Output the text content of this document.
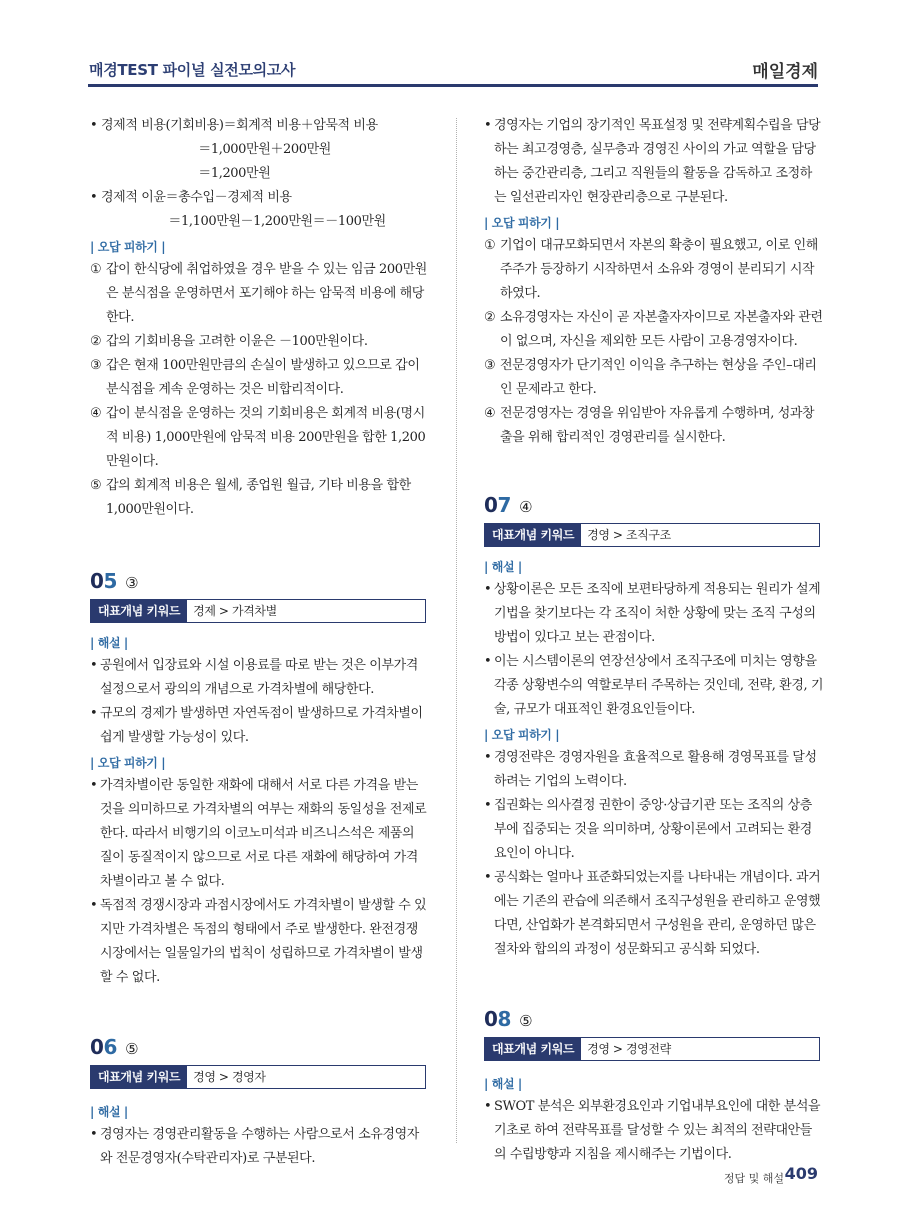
매경TEST 파이널 실전모의고사	매일경제

• 경제적 비용(기회비용)＝회계적 비용＋암묵적 비용

＝1,000만원＋200만원

＝1,200만원

• 경제적 이윤＝총수입－경제적 비용

＝1,100만원－1,200만원＝－100만원

| 오답 피하기 |

① 갑이 한식당에 취업하였을 경우 받을 수 있는 임금 200만원은 분식점을 운영하면서 포기해야 하는 암묵적 비용에 해당한다.

② 갑의 기회비용을 고려한 이윤은 －100만원이다.

③ 갑은 현재 100만원만큼의 손실이 발생하고 있으므로 갑이 분식점을 계속 운영하는 것은 비합리적이다.

④ 갑이 분식점을 운영하는 것의 기회비용은 회계적 비용(명시적 비용) 1,000만원에 암묵적 비용 200만원을 합한 1,200만원이다.

⑤ 갑의 회계적 비용은 월세, 종업원 월급, 기타 비용을 합한 1,000만원이다.

05 ③
대표개념 키워드	경제 > 가격차별
| 해설 |

• 공원에서 입장료와 시설 이용료를 따로 받는 것은 이부가격 설정으로서 광의의 개념으로 가격차별에 해당한다.

• 규모의 경제가 발생하면 자연독점이 발생하므로 가격차별이 쉽게 발생할 가능성이 있다.

| 오답 피하기 |

• 가격차별이란 동일한 재화에 대해서 서로 다른 가격을 받는 것을 의미하므로 가격차별의 여부는 재화의 동일성을 전제로 한다. 따라서 비행기의 이코노미석과 비즈니스석은 제품의 질이 동질적이지 않으므로 서로 다른 재화에 해당하여 가격차별이라고 볼 수 없다.

• 독점적 경쟁시장과 과점시장에서도 가격차별이 발생할 수 있지만 가격차별은 독점의 형태에서 주로 발생한다. 완전경쟁시장에서는 일물일가의 법칙이 성립하므로 가격차별이 발생할 수 없다.

06 ⑤
대표개념 키워드	경영 > 경영자
| 해설 |

• 경영자는 경영관리활동을 수행하는 사람으로서 소유경영자와 전문경영자(수탁관리자)로 구분된다.

• 경영자는 기업의 장기적인 목표설정 및 전략계획수립을 담당하는 최고경영층, 실무층과 경영진 사이의 가교 역할을 담당하는 중간관리층, 그리고 직원들의 활동을 감독하고 조정하는 일선관리자인 현장관리층으로 구분된다.

| 오답 피하기 |

① 기업이 대규모화되면서 자본의 확충이 필요했고, 이로 인해 주주가 등장하기 시작하면서 소유와 경영이 분리되기 시작하였다.

② 소유경영자는 자신이 곧 자본출자자이므로 자본출자와 관련이 없으며, 자신을 제외한 모든 사람이 고용경영자이다.

③ 전문경영자가 단기적인 이익을 추구하는 현상을 주인–대리인 문제라고 한다.

④ 전문경영자는 경영을 위임받아 자유롭게 수행하며, 성과창출을 위해 합리적인 경영관리를 실시한다.

07 ④
대표개념 키워드	경영 > 조직구조
| 해설 |

• 상황이론은 모든 조직에 보편타당하게 적용되는 원리가 설계기법을 찾기보다는 각 조직이 처한 상황에 맞는 조직 구성의 방법이 있다고 보는 관점이다.

• 이는 시스템이론의 연장선상에서 조직구조에 미치는 영향을 각종 상황변수의 역할로부터 주목하는 것인데, 전략, 환경, 기술, 규모가 대표적인 환경요인들이다.

| 오답 피하기 |

• 경영전략은 경영자원을 효율적으로 활용해 경영목표를 달성하려는 기업의 노력이다.

• 집권화는 의사결정 권한이 중앙·상급기관 또는 조직의 상층부에 집중되는 것을 의미하며, 상황이론에서 고려되는 환경요인이 아니다.

• 공식화는 얼마나 표준화되었는지를 나타내는 개념이다. 과거에는 기존의 관습에 의존해서 조직구성원을 관리하고 운영했다면, 산업화가 본격화되면서 구성원을 관리, 운영하던 많은 절차와 합의의 과정이 성문화되고 공식화 되었다.

08 ⑤
대표개념 키워드	경영 > 경영전략
| 해설 |

• SWOT 분석은 외부환경요인과 기업내부요인에 대한 분석을 기초로 하여 전략목표를 달성할 수 있는 최적의 전략대안들의 수립방향과 지침을 제시해주는 기법이다.

정답 및 해설 409
